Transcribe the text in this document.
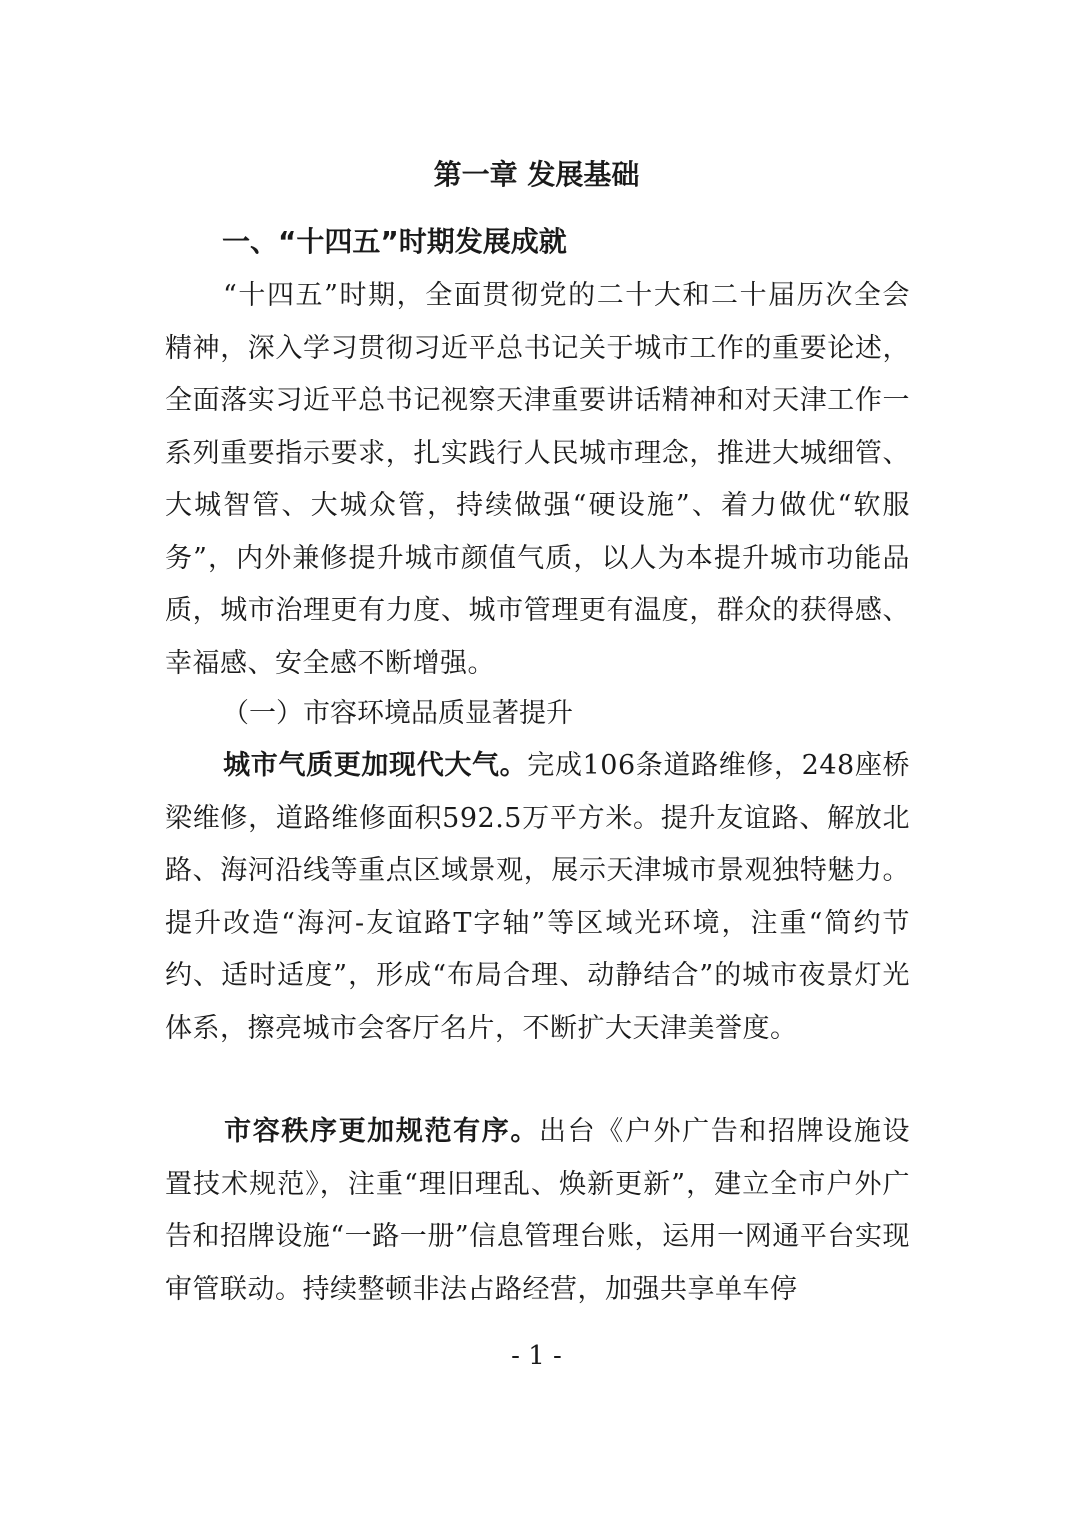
第一章 发展基础
一、“十四五”时期发展成就
“十四五”时期，全面贯彻党的二十大和二十届历次全会精神，深入学习贯彻习近平总书记关于城市工作的重要论述，全面落实习近平总书记视察天津重要讲话精神和对天津工作一系列重要指示要求，扎实践行人民城市理念，推进大城细管、大城智管、大城众管，持续做强“硬设施”、着力做优“软服务”，内外兼修提升城市颜值气质，以人为本提升城市功能品质，城市治理更有力度、城市管理更有温度，群众的获得感、幸福感、安全感不断增强。
（一）市容环境品质显著提升
城市气质更加现代大气。完成106条道路维修，248座桥梁维修，道路维修面积592.5万平方米。提升友谊路、解放北路、海河沿线等重点区域景观，展示天津城市景观独特魅力。提升改造“海河-友谊路T字轴”等区域光环境，注重“简约节约、适时适度”，形成“布局合理、动静结合”的城市夜景灯光体系，擦亮城市会客厅名片，不断扩大天津美誉度。
市容秩序更加规范有序。出台《户外广告和招牌设施设置技术规范》，注重“理旧理乱、焕新更新”，建立全市户外广告和招牌设施“一路一册”信息管理台账，运用一网通平台实现审管联动。持续整顿非法占路经营，加强共享单车停
- 1 -
